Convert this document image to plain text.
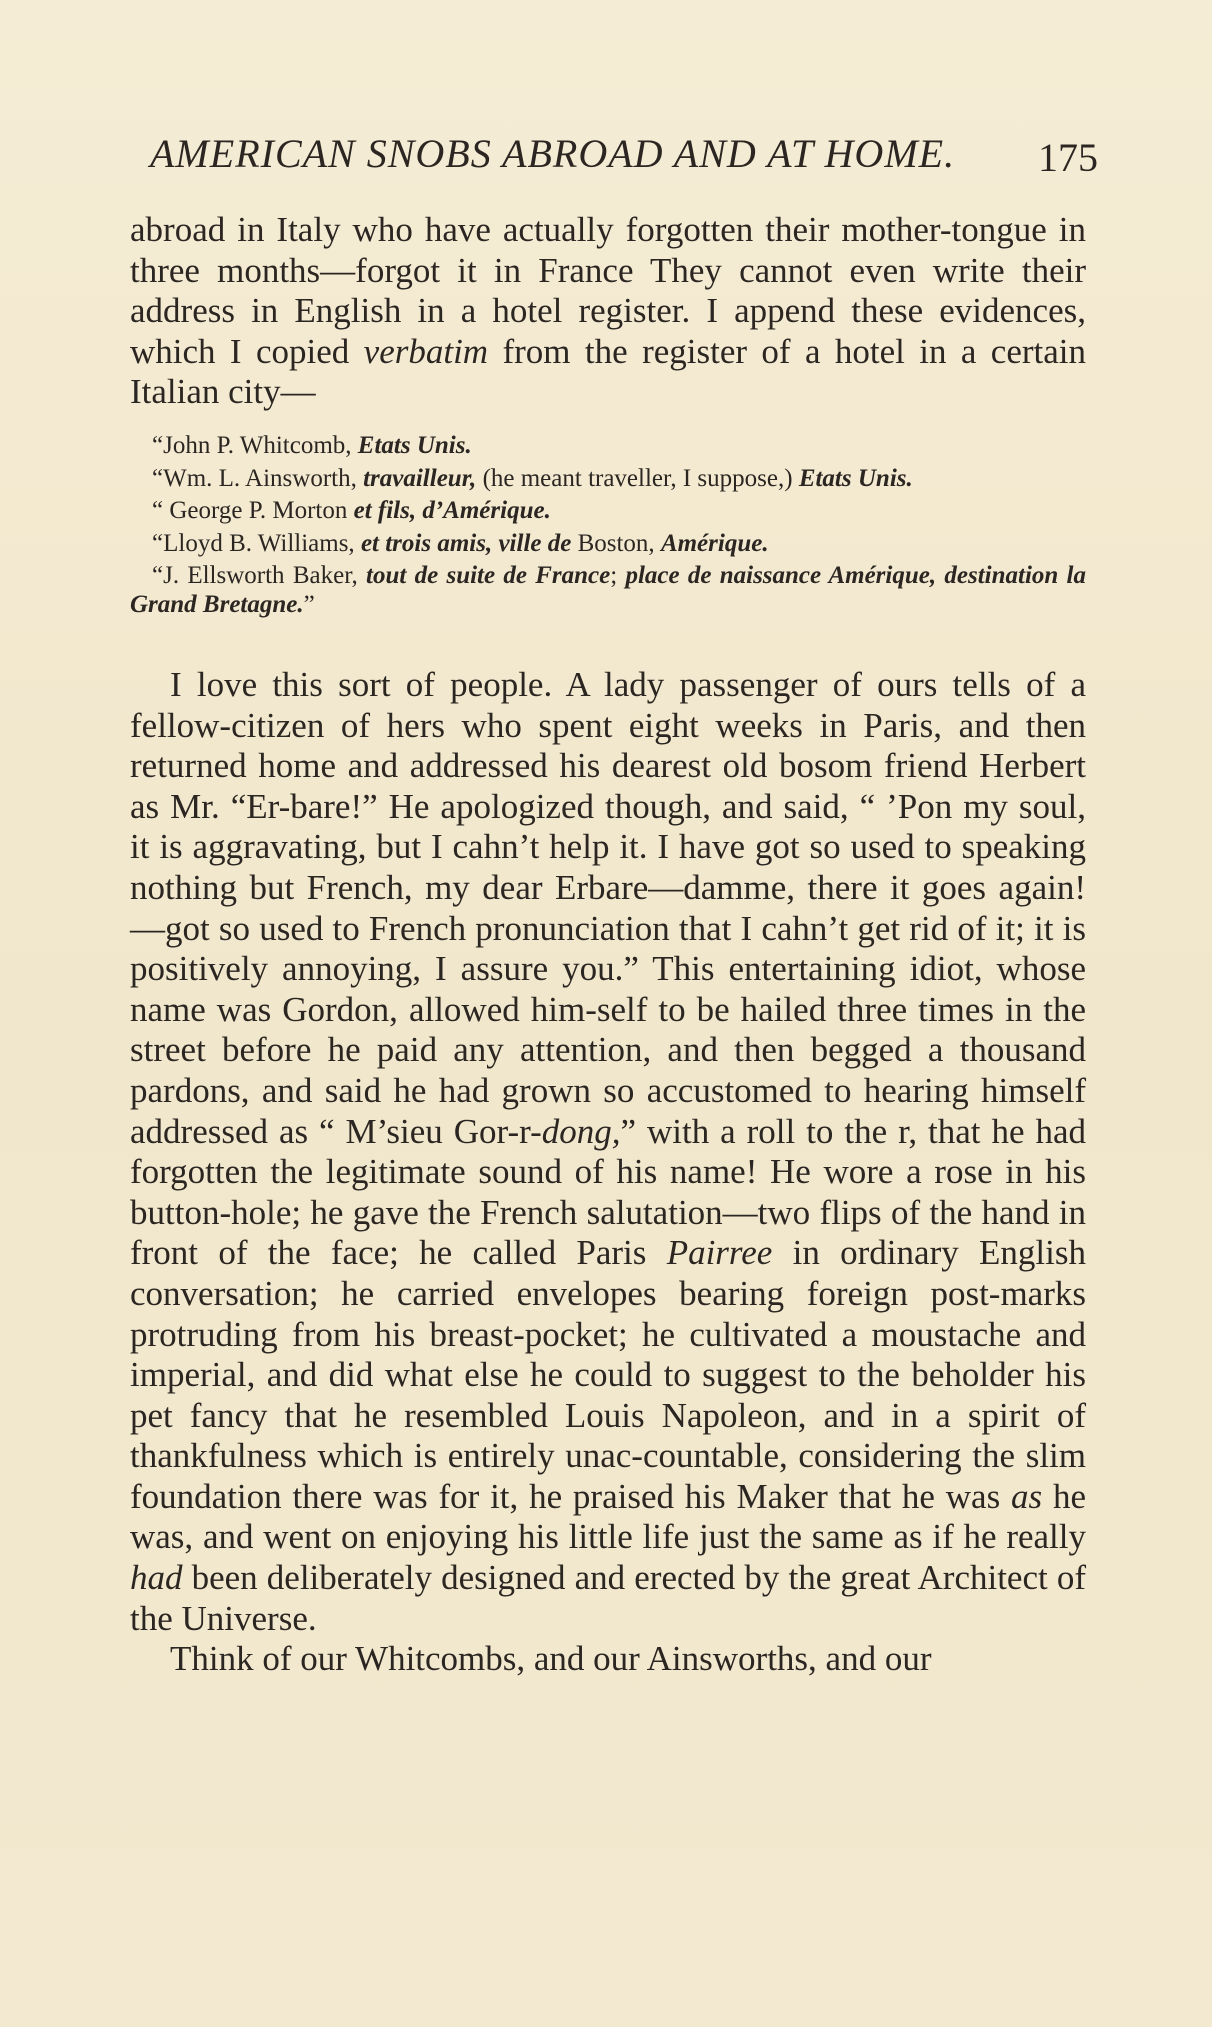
AMERICAN SNOBS ABROAD AND AT HOME. 175

abroad in Italy who have actually forgotten their mother-tongue in three months—forgot it in France They cannot even write their address in English in a hotel register. I append these evidences, which I copied verbatim from the register of a hotel in a certain Italian city—

“John P. Whitcomb, Etats Unis.

“Wm. L. Ainsworth, travailleur, (he meant traveller, I suppose,) Etats Unis.

“ George P. Morton et fils, d’Amérique.

“Lloyd B. Williams, et trois amis, ville de Boston, Amérique.

“J. Ellsworth Baker, tout de suite de France; place de naissance Amérique, destination la Grand Bretagne.”

I love this sort of people. A lady passenger of ours tells of a fellow-citizen of hers who spent eight weeks in Paris, and then returned home and addressed his dearest old bosom friend Herbert as Mr. “Er-bare!” He apologized though, and said, “ ’Pon my soul, it is aggravating, but I cahn’t help it. I have got so used to speaking nothing but French, my dear Erbare—damme, there it goes again!—got so used to French pronunciation that I cahn’t get rid of it; it is positively annoying, I assure you.” This entertaining idiot, whose name was Gordon, allowed him-self to be hailed three times in the street before he paid any attention, and then begged a thousand pardons, and said he had grown so accustomed to hearing himself addressed as “ M’sieu Gor-r-dong,” with a roll to the r, that he had forgotten the legitimate sound of his name! He wore a rose in his button-hole; he gave the French salutation—two flips of the hand in front of the face; he called Paris Pairree in ordinary English conversation; he carried envelopes bearing foreign post-marks protruding from his breast-pocket; he cultivated a moustache and imperial, and did what else he could to suggest to the beholder his pet fancy that he resembled Louis Napoleon, and in a spirit of thankfulness which is entirely unac-countable, considering the slim foundation there was for it, he praised his Maker that he was as he was, and went on enjoying his little life just the same as if he really had been deliberately designed and erected by the great Architect of the Universe.

Think of our Whitcombs, and our Ainsworths, and our
